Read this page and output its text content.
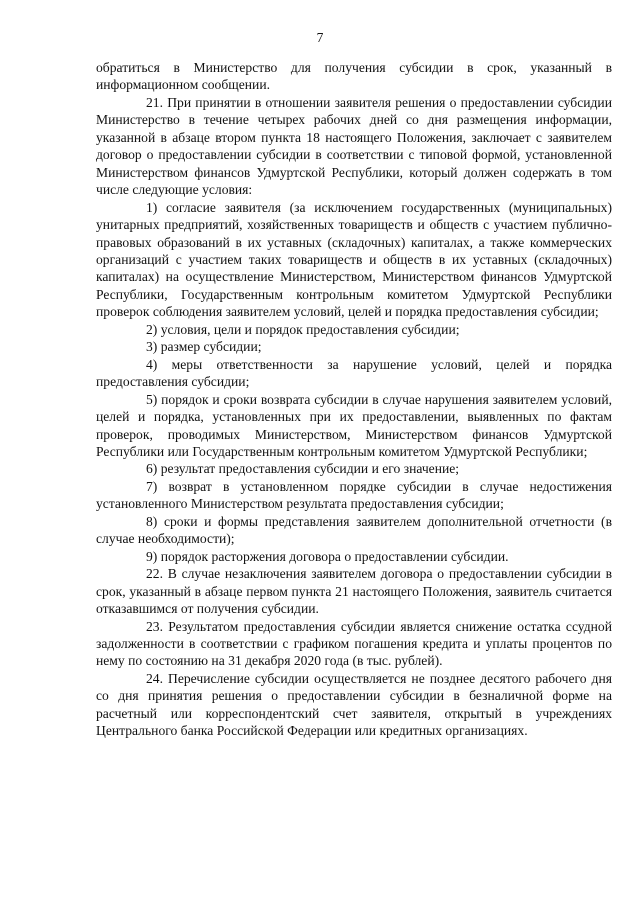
7

обратиться в Министерство для получения субсидии в срок, указанный в информационном сообщении.

21. При принятии в отношении заявителя решения о предоставлении субсидии Министерство в течение четырех рабочих дней со дня размещения информации, указанной в абзаце втором пункта 18 настоящего Положения, заключает с заявителем договор о предоставлении субсидии в соответствии с типовой формой, установленной Министерством финансов Удмуртской Республики, который должен содержать в том числе следующие условия:

1) согласие заявителя (за исключением государственных (муниципальных) унитарных предприятий, хозяйственных товариществ и обществ с участием публично-правовых образований в их уставных (складочных) капиталах, а также коммерческих организаций с участием таких товариществ и обществ в их уставных (складочных) капиталах) на осуществление Министерством, Министерством финансов Удмуртской Республики, Государственным контрольным комитетом Удмуртской Республики проверок соблюдения заявителем условий, целей и порядка предоставления субсидии;

2) условия, цели и порядок предоставления субсидии;

3) размер субсидии;

4) меры ответственности за нарушение условий, целей и порядка предоставления субсидии;

5) порядок и сроки возврата субсидии в случае нарушения заявителем условий, целей и порядка, установленных при их предоставлении, выявленных по фактам проверок, проводимых Министерством, Министерством финансов Удмуртской Республики или Государственным контрольным комитетом Удмуртской Республики;

6) результат предоставления субсидии и его значение;

7) возврат в установленном порядке субсидии в случае недостижения установленного Министерством результата предоставления субсидии;

8) сроки и формы представления заявителем дополнительной отчетности (в случае необходимости);

9) порядок расторжения договора о предоставлении субсидии.

22. В случае незаключения заявителем договора о предоставлении субсидии в срок, указанный в абзаце первом пункта 21 настоящего Положения, заявитель считается отказавшимся от получения субсидии.

23. Результатом предоставления субсидии является снижение остатка ссудной задолженности в соответствии с графиком погашения кредита и уплаты процентов по нему по состоянию на 31 декабря 2020 года (в тыс. рублей).

24. Перечисление субсидии осуществляется не позднее десятого рабочего дня со дня принятия решения о предоставлении субсидии в безналичной форме на расчетный или корреспондентский счет заявителя, открытый в учреждениях Центрального банка Российской Федерации или кредитных организациях.
